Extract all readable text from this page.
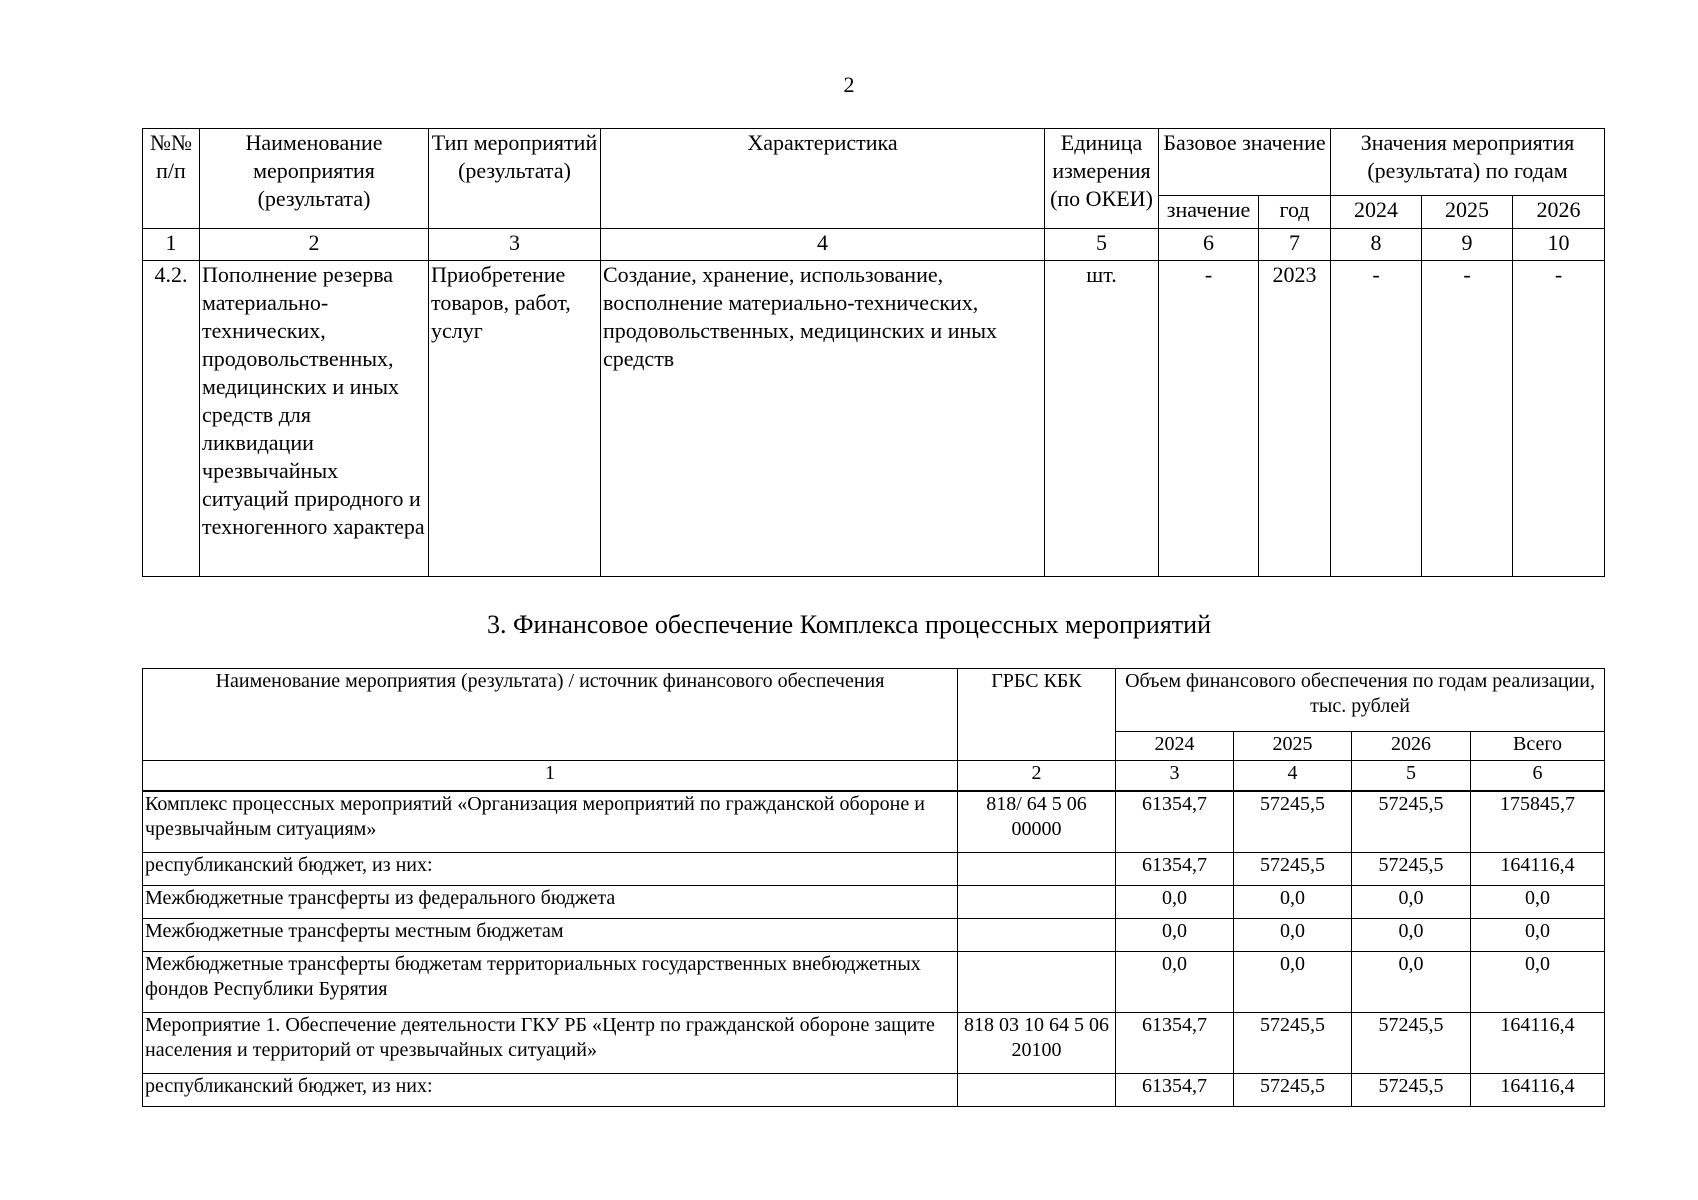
2
№№ п/п	Наименование мероприятия (результата)	Тип мероприятий (результата)	Характеристика	Единица измерения (по ОКЕИ)	Базовое значение		Значения мероприятия (результата) по годам		
					значение	год	2024	2025	2026
1	2	3	4	5	6	7	8	9	10
4.2.	Пополнение резерва материально-технических, продовольственных, медицинских и иных средств для ликвидации чрезвычайных ситуаций природного и техногенного характера	Приобретение товаров, работ, услуг	Создание, хранение, использование, восполнение материально-технических, продовольственных, медицинских и иных средств	шт.	-	2023	-	-	-
3. Финансовое обеспечение Комплекса процессных мероприятий
Наименование мероприятия (результата) / источник финансового обеспечения	ГРБС КБК	Объем финансового обеспечения по годам реализации, тыс. рублей			
		2024	2025	2026	Всего
1	2	3	4	5	6
Комплекс процессных мероприятий «Организация мероприятий по гражданской обороне и чрезвычайным ситуациям»	818/ 64 5 06 00000	61354,7	57245,5	57245,5	175845,7
республиканский бюджет, из них:		61354,7	57245,5	57245,5	164116,4
Межбюджетные трансферты из федерального бюджета		0,0	0,0	0,0	0,0
Межбюджетные трансферты местным бюджетам		0,0	0,0	0,0	0,0
Межбюджетные трансферты бюджетам территориальных государственных внебюджетных фондов Республики Бурятия		0,0	0,0	0,0	0,0
Мероприятие 1. Обеспечение деятельности ГКУ РБ «Центр по гражданской обороне защите населения и территорий от чрезвычайных ситуаций»	818 03 10 64 5 06 20100	61354,7	57245,5	57245,5	164116,4
республиканский бюджет, из них:		61354,7	57245,5	57245,5	164116,4
